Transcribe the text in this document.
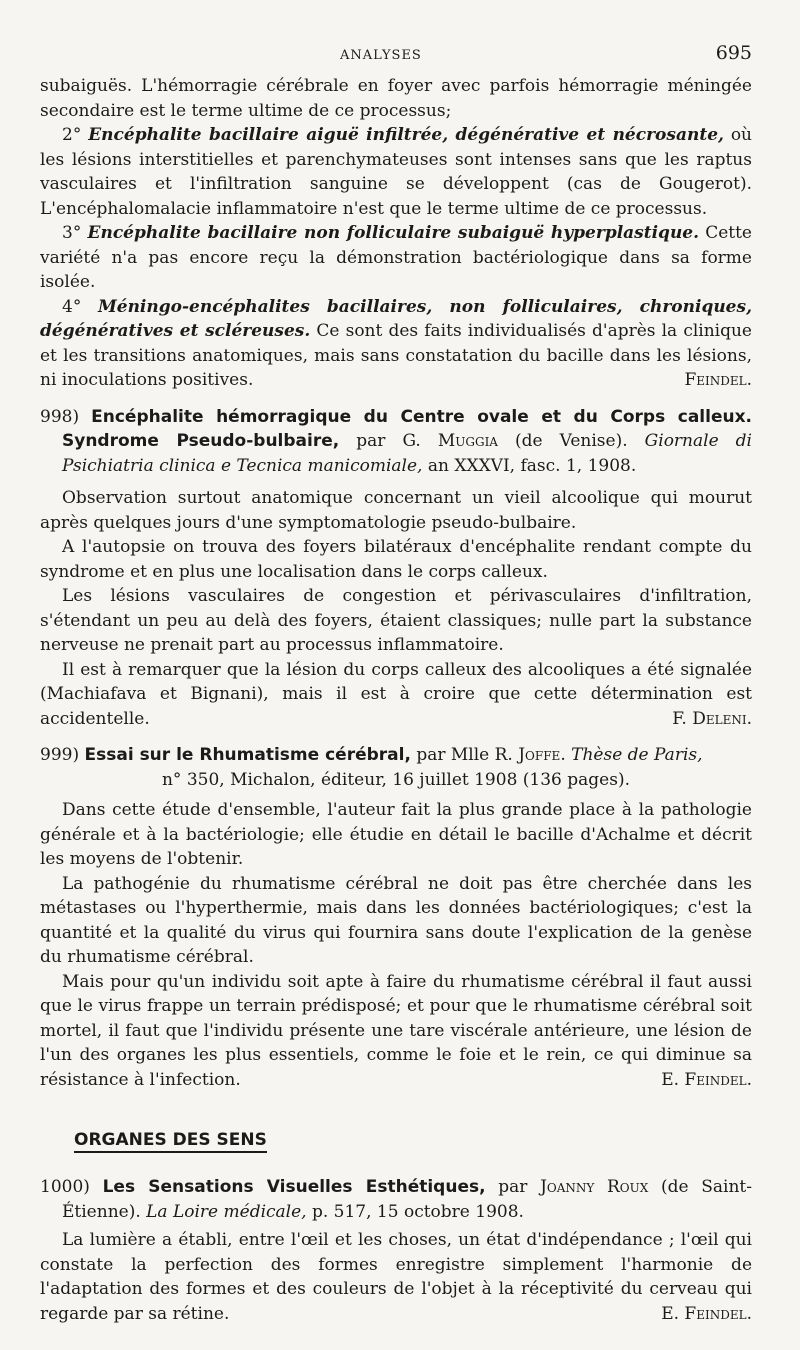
ANALYSES	695

subaiguës. L'hémorragie cérébrale en foyer avec parfois hémorragie méningée secondaire est le terme ultime de ce processus;

2° Encéphalite bacillaire aiguë infiltrée, dégénérative et nécrosante, où les lésions interstitielles et parenchymateuses sont intenses sans que les raptus vasculaires et l'infiltration sanguine se développent (cas de Gougerot). L'encéphalomalacie inflammatoire n'est que le terme ultime de ce processus.

3° Encéphalite bacillaire non folliculaire subaiguë hyperplastique. Cette variété n'a pas encore reçu la démonstration bactériologique dans sa forme isolée.

4° Méningo-encéphalites bacillaires, non folliculaires, chroniques, dégénératives et scléreuses. Ce sont des faits individualisés d'après la clinique et les transitions anatomiques, mais sans constatation du bacille dans les lésions, ni inoculations positives.	Feindel.

998) Encéphalite hémorragique du Centre ovale et du Corps calleux. Syndrome Pseudo-bulbaire, par G. Muggia (de Venise). Giornale di Psichiatria clinica e Tecnica manicomiale, an XXXVI, fasc. 1, 1908.

Observation surtout anatomique concernant un vieil alcoolique qui mourut après quelques jours d'une symptomatologie pseudo-bulbaire.

A l'autopsie on trouva des foyers bilatéraux d'encéphalite rendant compte du syndrome et en plus une localisation dans le corps calleux.

Les lésions vasculaires de congestion et périvasculaires d'infiltration, s'étendant un peu au delà des foyers, étaient classiques; nulle part la substance nerveuse ne prenait part au processus inflammatoire.

Il est à remarquer que la lésion du corps calleux des alcooliques a été signalée (Machiafava et Bignani), mais il est à croire que cette détermination est accidentelle.	F. Deleni.

999) Essai sur le Rhumatisme cérébral, par Mlle R. Joffe. Thèse de Paris,
n° 350, Michalon, éditeur, 16 juillet 1908 (136 pages).

Dans cette étude d'ensemble, l'auteur fait la plus grande place à la pathologie générale et à la bactériologie; elle étudie en détail le bacille d'Achalme et décrit les moyens de l'obtenir.

La pathogénie du rhumatisme cérébral ne doit pas être cherchée dans les métastases ou l'hyperthermie, mais dans les données bactériologiques; c'est la quantité et la qualité du virus qui fournira sans doute l'explication de la genèse du rhumatisme cérébral.

Mais pour qu'un individu soit apte à faire du rhumatisme cérébral il faut aussi que le virus frappe un terrain prédisposé; et pour que le rhumatisme cérébral soit mortel, il faut que l'individu présente une tare viscérale antérieure, une lésion de l'un des organes les plus essentiels, comme le foie et le rein, ce qui diminue sa résistance à l'infection.	E. Feindel.

ORGANES DES SENS
1000) Les Sensations Visuelles Esthétiques, par Joanny Roux (de Saint-Étienne). La Loire médicale, p. 517, 15 octobre 1908.

La lumière a établi, entre l'œil et les choses, un état d'indépendance ; l'œil qui constate la perfection des formes enregistre simplement l'harmonie de l'adaptation des formes et des couleurs de l'objet à la réceptivité du cerveau qui regarde par sa rétine.	E. Feindel.
